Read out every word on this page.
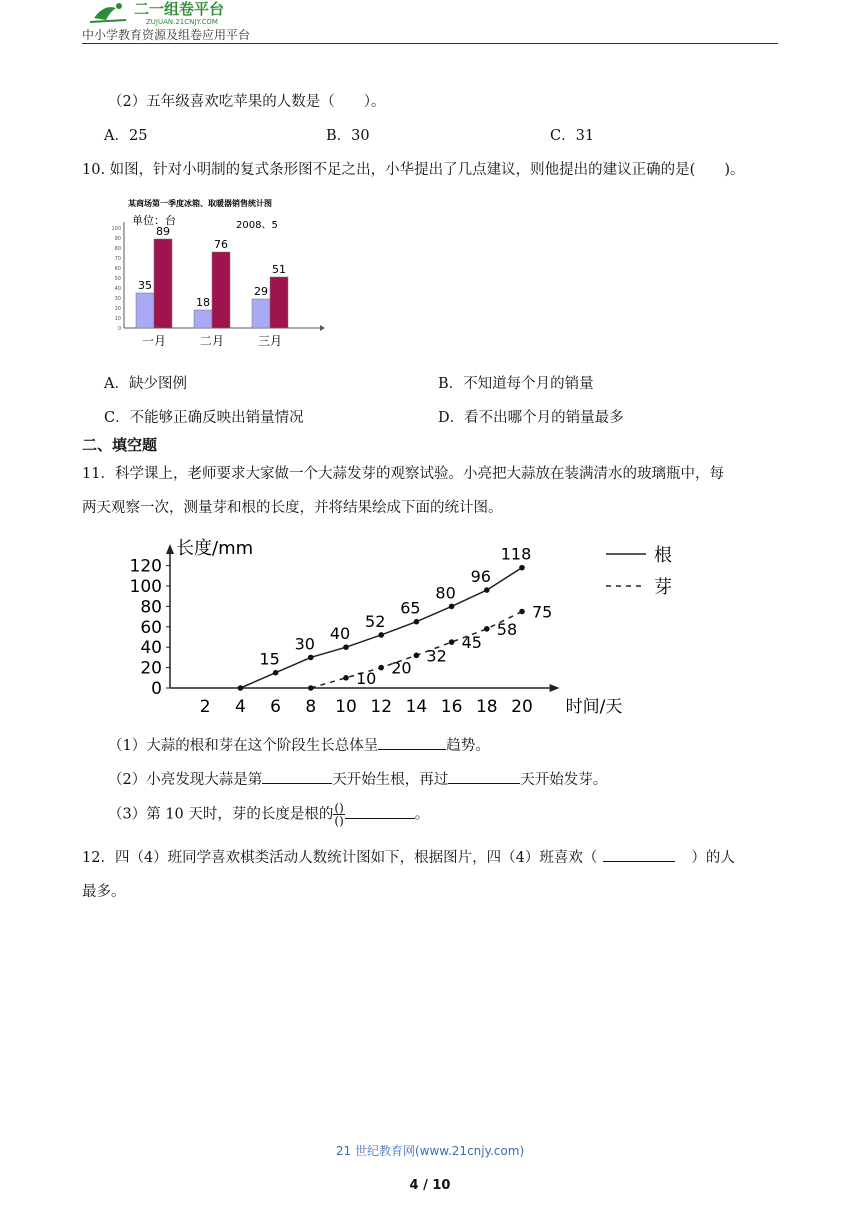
二一组卷平台
ZUJUAN.21CNJY.COM
中小学教育资源及组卷应用平台
（2）五年级喜欢吃苹果的人数是（　　）。
A．25	B．30	C．31
10. 如图，针对小明制的复式条形图不足之出，小华提出了几点建议，则他提出的建议正确的是(　　)。
某商场第一季度冰箱、取暖器销售统计图
单位：台	2008、5
0
10
20
30
40
50
60
70
80
90
100
35
89
一月
18
76
二月
29
51
三月
A．缺少图例	B．不知道每个月的销量
C．不能够正确反映出销量情况	D．看不出哪个月的销量最多
二、填空题
11．科学课上，老师要求大家做一个大蒜发芽的观察试验。小亮把大蒜放在装满清水的玻璃瓶中，每
两天观察一次，测量芽和根的长度，并将结果绘成下面的统计图。
长度/mm
时间/天
0
20
40
60
80
100
120
2 4 6 8 10 12 14 16 18 20
15
30
40
52
65
80
96
118
10
20
32
45
58
75
根
芽
（1）大蒜的根和芽在这个阶段生长总体呈	趋势。
（2）小亮发现大蒜是第	天开始生根，再过	天开始发芽。
（3）第 10 天时，芽的长度是根的 $\frac{()}{()}$	。
12．四（4）班同学喜欢棋类活动人数统计图如下，根据图片，四（4）班喜欢（	）的人
最多。
21 世纪教育网(www.21cnjy.com)
4 / 10
